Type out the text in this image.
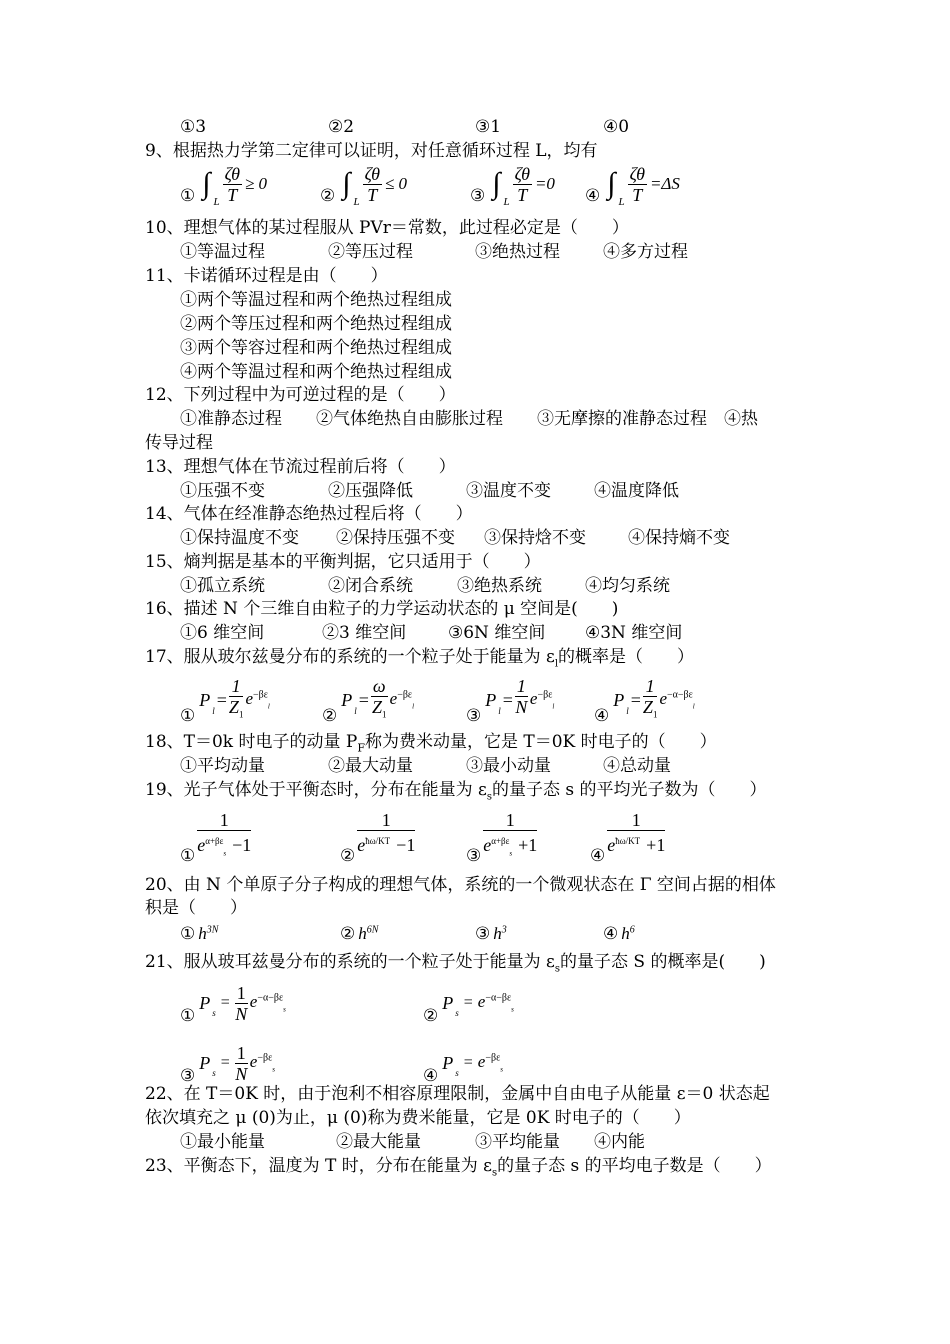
①3	②2	③1	④0
9、根据热力学第二定律可以证明，对任意循环过程 L，均有
① ∫
L $\frac{\zeta\theta}{T} \ge 0$
② ∫
L $\frac{\zeta\theta}{T} \le 0$
③ ∫
L $\frac{\zeta\theta}{T} =0$
④ ∫
L $\frac{\zeta\theta}{T} =\Delta S$
10、理想气体的某过程服从 PVr＝常数，此过程必定是（　　）
①等温过程	②等压过程	③绝热过程	④多方过程
11、卡诺循环过程是由（　　）
①两个等温过程和两个绝热过程组成
②两个等压过程和两个绝热过程组成
③两个等容过程和两个绝热过程组成
④两个等温过程和两个绝热过程组成
12、下列过程中为可逆过程的是（　　）
①准静态过程　　②气体绝热自由膨胀过程　　③无摩擦的准静态过程　④热
传导过程
13、理想气体在节流过程前后将（　　）
①压强不变	②压强降低	③温度不变	④温度降低
14、气体在经准静态绝热过程后将（　　）
①保持温度不变 ②保持压强不变 ③保持焓不变 ④保持熵不变
15、熵判据是基本的平衡判据，它只适用于（　　）
①孤立系统	②闭合系统	③绝热系统	④均匀系统
16、描述 N 个三维自由粒子的力学运动状态的 μ 空间是(　　)
①6 维空间	②3 维空间 ③6N 维空间 ④3N 维空间
17、服从玻尔兹曼分布的系统的一个粒子处于能量为 $\varepsilon_l$的概率是（　　）
①
P
l
= $\frac{1}{Z_1} e^{-\beta\varepsilon}_l$	②
P
l
= $\frac{\omega}{Z_1} e^{-\beta\varepsilon}_l$	③
P
l
= $\frac{1}{N} e^{-\beta\varepsilon}_l$ ④
P
l
= $\frac{1}{Z_1} e^{-\alpha-\beta\varepsilon}_l$
18、T＝0k 时电子的动量 $P_F$称为费米动量，它是 T＝0K 时电子的（　　）
①平均动量	②最大动量	③最小动量	④总动量
19、光子气体处于平衡态时，分布在能量为 $\varepsilon_s$的量子态 s 的平均光子数为（　　）
① $\frac{1}{e^{\alpha+\beta\varepsilon}_s -1}$	② $\frac{1}{e^{ħ\omega/KT} -1}$	③ $\frac{1}{e^{\alpha+\beta\varepsilon}_s +1}$	④ $\frac{1}{e^{ħ\omega/KT} +1}$
20、由 N 个单原子分子构成的理想气体，系统的一个微观状态在 Γ 空间占据的相体
积是（　　）
① $h^{3N}$	② $h^{6N}$	③ $h^3$	④ $h^6$
21、服从玻耳兹曼分布的系统的一个粒子处于能量为 $\varepsilon_s$的量子态 S 的概率是(　　)
①
P
s
= $\frac{1}{N} e^{-\alpha-\beta\varepsilon}_s$	②
P
s
= $e^{-\alpha-\beta\varepsilon}_s$
③
P
s
= $\frac{1}{N} e^{-\beta\varepsilon}_s$	④
P
s
= $e^{-\beta\varepsilon}_s$
22、在 T＝0K 时，由于泡利不相容原理限制，金属中自由电子从能量 ε＝0 状态起
依次填充之 μ (0)为止，μ (0)称为费米能量，它是 0K 时电子的（　　）
①最小能量	②最大能量	③平均能量 ④内能
23、平衡态下，温度为 T 时，分布在能量为 $\varepsilon_s$的量子态 s 的平均电子数是（　　）
